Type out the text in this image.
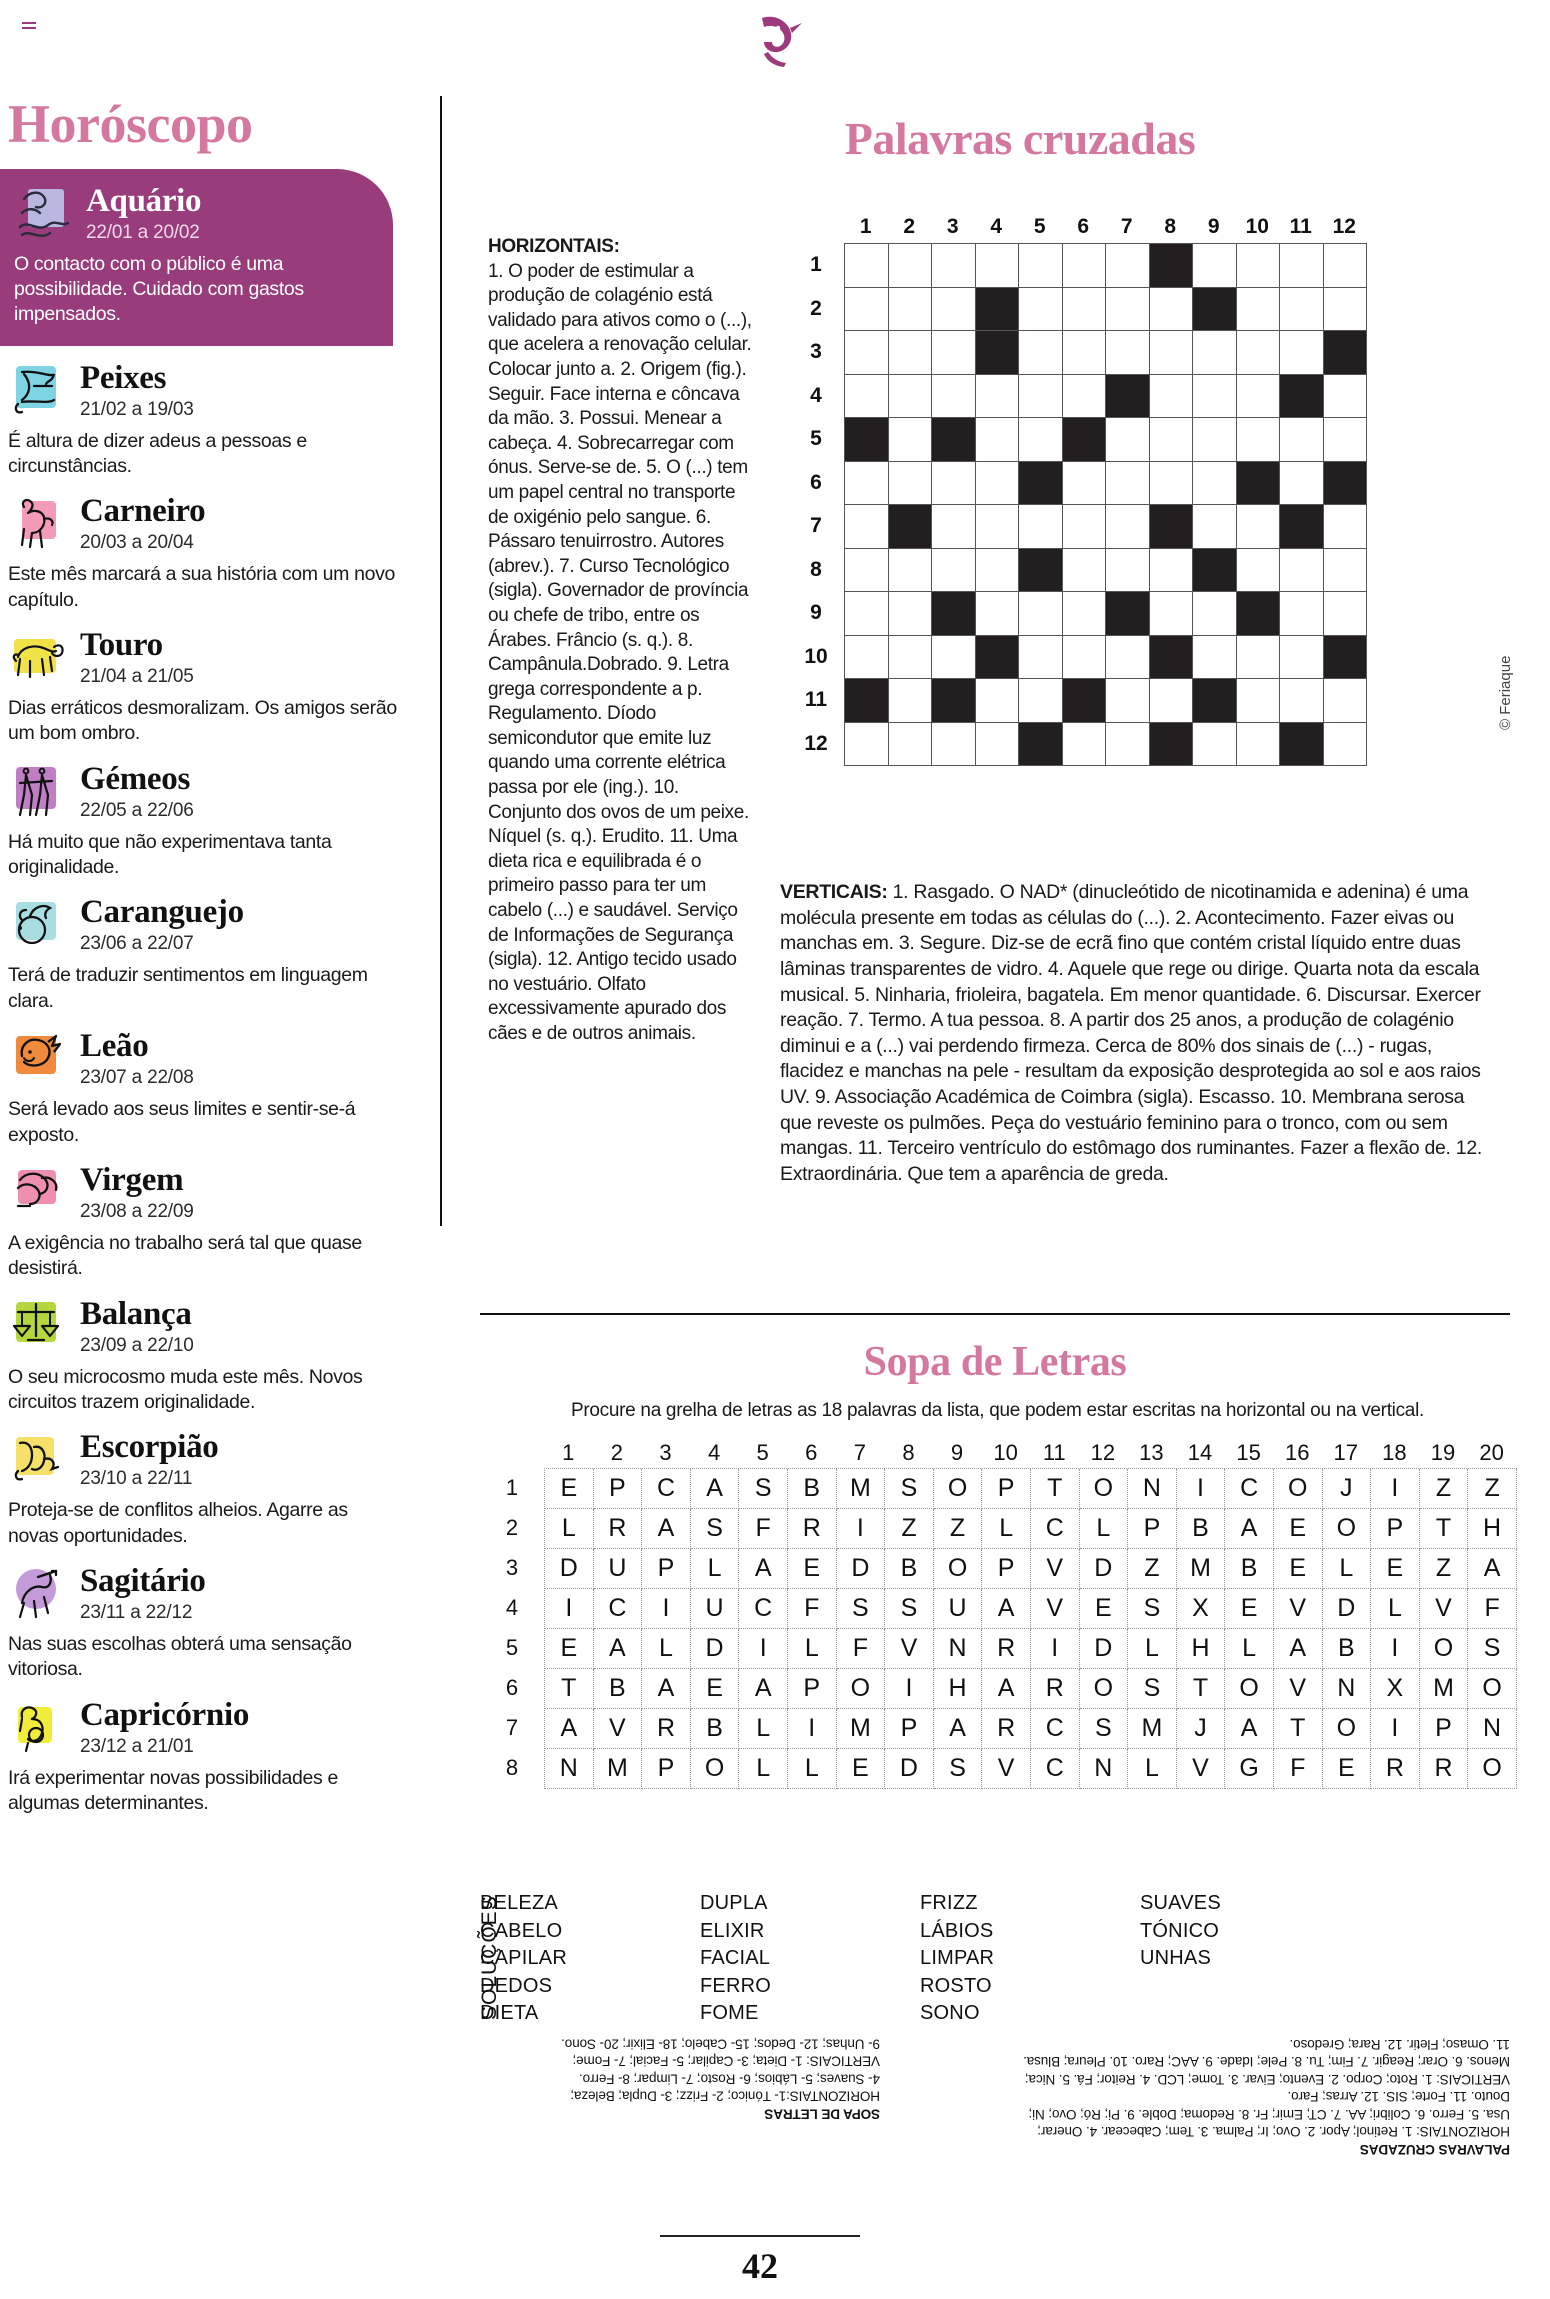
Horóscopo
Aquário
22/01 a 20/02
O contacto com o público é uma possibilidade. Cuidado com gastos impensados.
Peixes
21/02 a 19/03
É altura de dizer adeus a pessoas e circunstâncias.
Carneiro
20/03 a 20/04
Este mês marcará a sua história com um novo capítulo.
Touro
21/04 a 21/05
Dias erráticos desmoralizam. Os amigos serão um bom ombro.
Gémeos
22/05 a 22/06
Há muito que não experimentava tanta originalidade.
Caranguejo
23/06 a 22/07
Terá de traduzir sentimentos em linguagem clara.
Leão
23/07 a 22/08
Será levado aos seus limites e sentir-se-á exposto.
Virgem
23/08 a 22/09
A exigência no trabalho será tal que quase desistirá.
Balança
23/09 a 22/10
O seu microcosmo muda este mês. Novos circuitos trazem originalidade.
Escorpião
23/10 a 22/11
Proteja-se de conflitos alheios. Agarre as novas oportunidades.
Sagitário
23/11 a 22/12
Nas suas escolhas obterá uma sensação vitoriosa.
Capricórnio
23/12 a 21/01
Irá experimentar novas possibilidades e algumas determinantes.
Palavras cruzadas
HORIZONTAIS:
1. O poder de estimular a produção de colagénio está validado para ativos como o (...), que acelera a renovação celular. Colocar junto a. 2. Origem (fig.). Seguir. Face interna e côncava da mão. 3. Possui. Menear a cabeça. 4. Sobrecarregar com ónus. Serve-se de. 5. O (...) tem um papel central no transporte de oxigénio pelo sangue. 6. Pássaro tenuirrostro. Autores (abrev.). 7. Curso Tecnológico (sigla). Governador de província ou chefe de tribo, entre os Árabes. Frâncio (s. q.). 8. Campânula.Dobrado. 9. Letra grega correspondente a p. Regulamento. Díodo semicondutor que emite luz quando uma corrente elétrica passa por ele (ing.). 10. Conjunto dos ovos de um peixe. Níquel (s. q.). Erudito. 11. Uma dieta rica e equilibrada é o primeiro passo para ter um cabelo (...) e saudável. Serviço de Informações de Segurança (sigla). 12. Antigo tecido usado no vestuário. Olfato excessivamente apurado dos cães e de outros animais.
1	2	3	4	5	6	7	8	9	10 11 12
1
2
3
4
5
6
7
8
9
10
11
12
© Feriaque
VERTICAIS: 1. Rasgado. O NAD* (dinucleótido de nicotinamida e adenina) é uma molécula presente em todas as células do (...). 2. Acontecimento. Fazer eivas ou manchas em. 3. Segure. Diz-se de ecrã fino que contém cristal líquido entre duas lâminas transparentes de vidro. 4. Aquele que rege ou dirige. Quarta nota da escala musical. 5. Ninharia, frioleira, bagatela. Em menor quantidade. 6. Discursar. Exercer reação. 7. Termo. A tua pessoa. 8. A partir dos 25 anos, a produção de colagénio diminui e a (...) vai perdendo firmeza. Cerca de 80% dos sinais de (...) - rugas, flacidez e manchas na pele - resultam da exposição desprotegida ao sol e aos raios UV. 9. Associação Académica de Coimbra (sigla). Escasso. 10. Membrana serosa que reveste os pulmões. Peça do vestuário feminino para o tronco, com ou sem mangas. 11. Terceiro ventrículo do estômago dos ruminantes. Fazer a flexão de. 12. Extraordinária. Que tem a aparência de greda.
Sopa de Letras
Procure na grelha de letras as 18 palavras da lista, que podem estar escritas na horizontal ou na vertical.
1	2	3	4	5	6	7	8	9	10	11	12	13	14	15	16	17	18	19	20
1
2
3
4
5
6
7
8
E	P	C	A	S	B	M	S	O	P	T	O	N	I	C	O	J	I	Z	Z
L	R	A	S	F	R	I	Z	Z	L	C	L	P	B	A	E	O	P	T	H
D	U	P	L	A	E	D	B	O	P	V	D	Z	M	B	E	L	E	Z	A
I	C	I	U	C	F	S	S	U	A	V	E	S	X	E	V	D	L	V	F
E	A	L	D	I	L	F	V	N	R	I	D	L	H	L	A	B	I	O	S
T	B	A	E	A	P	O	I	H	A	R	O	S	T	O	V	N	X	M	O
A	V	R	B	L	I	M	P	A	R	C	S	M	J	A	T	O	I	P	N
N	M	P	O	L	L	E	D	S	V	C	N	L	V	G	F	E	R	R	O
BELEZA
CABELO
CAPILAR
DEDOS
DIETA
DUPLA
ELIXIR
FACIAL
FERRO
FOME
FRIZZ
LÁBIOS
LIMPAR
ROSTO
SONO
SUAVES
TÓNICO
UNHAS
SOLUÇÕES
SOPA DE LETRAS
HORIZONTAIS:1- Tónico; 2- Frizz; 3- Dupla; Beleza; 4- Suaves; 5- Lábios; 6- Rosto; 7- Limpar; 8- Ferro.
VERTICAIS: 1- Dieta; 3- Capilar; 5- Facial; 7- Fome; 9- Unhas; 12- Dedos; 15- Cabelo; 18- Elixir; 20- Sono.
PALAVRAS CRUZADAS
HORIZONTAIS: 1. Retinol; Apor. 2. Ovo; Ir; Palma. 3. Tem; Cabecear. 4. Onerar; Usa. 5. Ferro. 6. Colibri; AA. 7. CT; Emir; Fr. 8. Redoma; Doble. 9. Pi; Ró; Ovo; Ni; Douto. 11. Forte; SIS. 12. Arras; Faro.
VERTICAIS: 1. Roto; Corpo. 2. Evento; Eivar. 3. Tome; LCD. 4. Reitor; Fá. 5. Nica; Menos. 6. Orar; Reagir. 7. Fim; Tu. 8. Pele; Idade. 9. AAC; Raro. 10. Pleura; Blusa. 11. Omaso; Fletir. 12. Rara; Gredoso.
42
